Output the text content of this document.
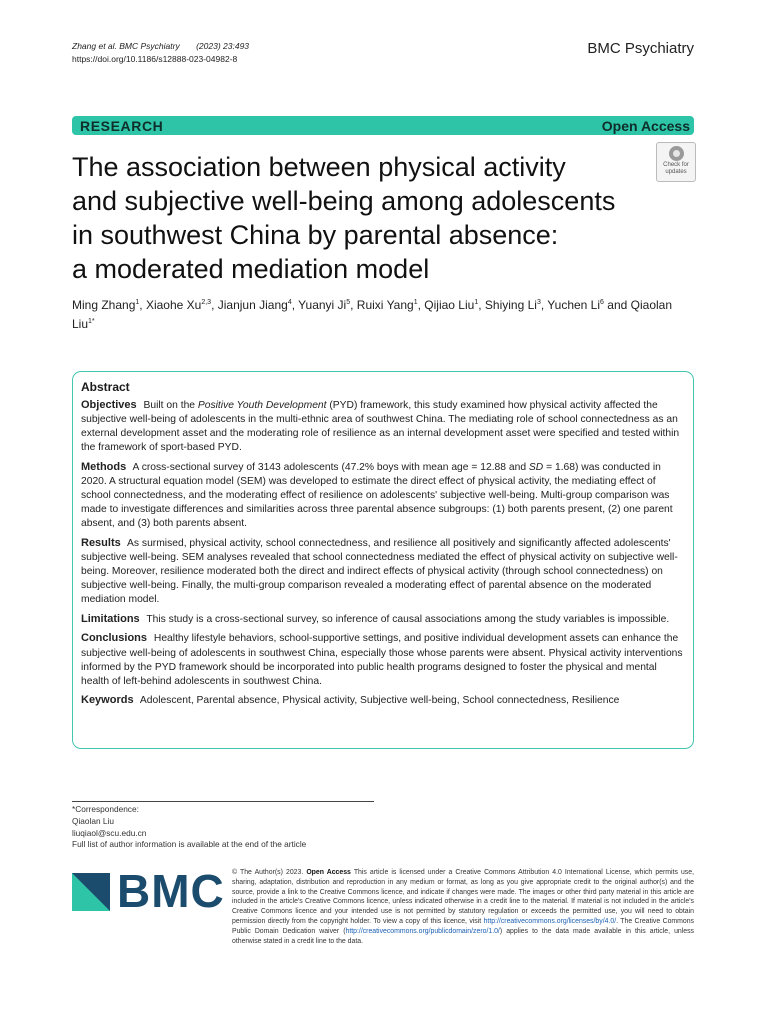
Zhang et al. BMC Psychiatry (2023) 23:493
https://doi.org/10.1186/s12888-023-04982-8
BMC Psychiatry
RESEARCH	Open Access
Check for
updates
The association between physical activity
and subjective well-being among adolescents
in southwest China by parental absence:
a moderated mediation model
Ming Zhang$^1$, Xiaohe Xu$^{2,3}$, Jianjun Jiang$^4$, Yuanyi Ji$^5$, Ruixi Yang$^1$, Qijiao Liu$^1$, Shiying Li$^3$, Yuchen Li$^6$ and Qiaolan Liu$^{1*}$
Abstract

Objectives Built on the Positive Youth Development (PYD) framework, this study examined how physical activity affected the subjective well-being of adolescents in the multi-ethnic area of southwest China. The mediating role of school connectedness as an external development asset and the moderating role of resilience as an internal development asset were specified and tested within the framework of sport-based PYD.

Methods A cross-sectional survey of 3143 adolescents (47.2% boys with mean age = 12.88 and SD = 1.68) was conducted in 2020. A structural equation model (SEM) was developed to estimate the direct effect of physical activity, the mediating effect of school connectedness, and the moderating effect of resilience on adolescents' subjective well-being. Multi-group comparison was made to investigate differences and similarities across three parental absence subgroups: (1) both parents present, (2) one parent absent, and (3) both parents absent.

Results As surmised, physical activity, school connectedness, and resilience all positively and significantly affected adolescents' subjective well-being. SEM analyses revealed that school connectedness mediated the effect of physical activity on subjective well-being. Moreover, resilience moderated both the direct and indirect effects of physical activity (through school connectedness) on subjective well-being. Finally, the multi-group comparison revealed a moderating effect of parental absence on the moderated mediation model.

Limitations This study is a cross-sectional survey, so inference of causal associations among the study variables is impossible.

Conclusions Healthy lifestyle behaviors, school-supportive settings, and positive individual development assets can enhance the subjective well-being of adolescents in southwest China, especially those whose parents were absent. Physical activity interventions informed by the PYD framework should be incorporated into public health programs designed to foster the physical and mental health of left-behind adolescents in southwest China.

Keywords Adolescent, Parental absence, Physical activity, Subjective well-being, School connectedness, Resilience

*Correspondence:
Qiaolan Liu
liuqiaol@scu.edu.cn
Full list of author information is available at the end of the article
BMC © The Author(s) 2023. Open Access This article is licensed under a Creative Commons Attribution 4.0 International License, which permits use, sharing, adaptation, distribution and reproduction in any medium or format, as long as you give appropriate credit to the original author(s) and the source, provide a link to the Creative Commons licence, and indicate if changes were made. The images or other third party material in this article are included in the article's Creative Commons licence, unless indicated otherwise in a credit line to the material. If material is not included in the article's Creative Commons licence and your intended use is not permitted by statutory regulation or exceeds the permitted use, you will need to obtain permission directly from the copyright holder. To view a copy of this licence, visit http://creativecommons.org/licenses/by/4.0/. The Creative Commons Public Domain Dedication waiver (http://creativecommons.org/publicdomain/zero/1.0/) applies to the data made available in this article, unless otherwise stated in a credit line to the data.
